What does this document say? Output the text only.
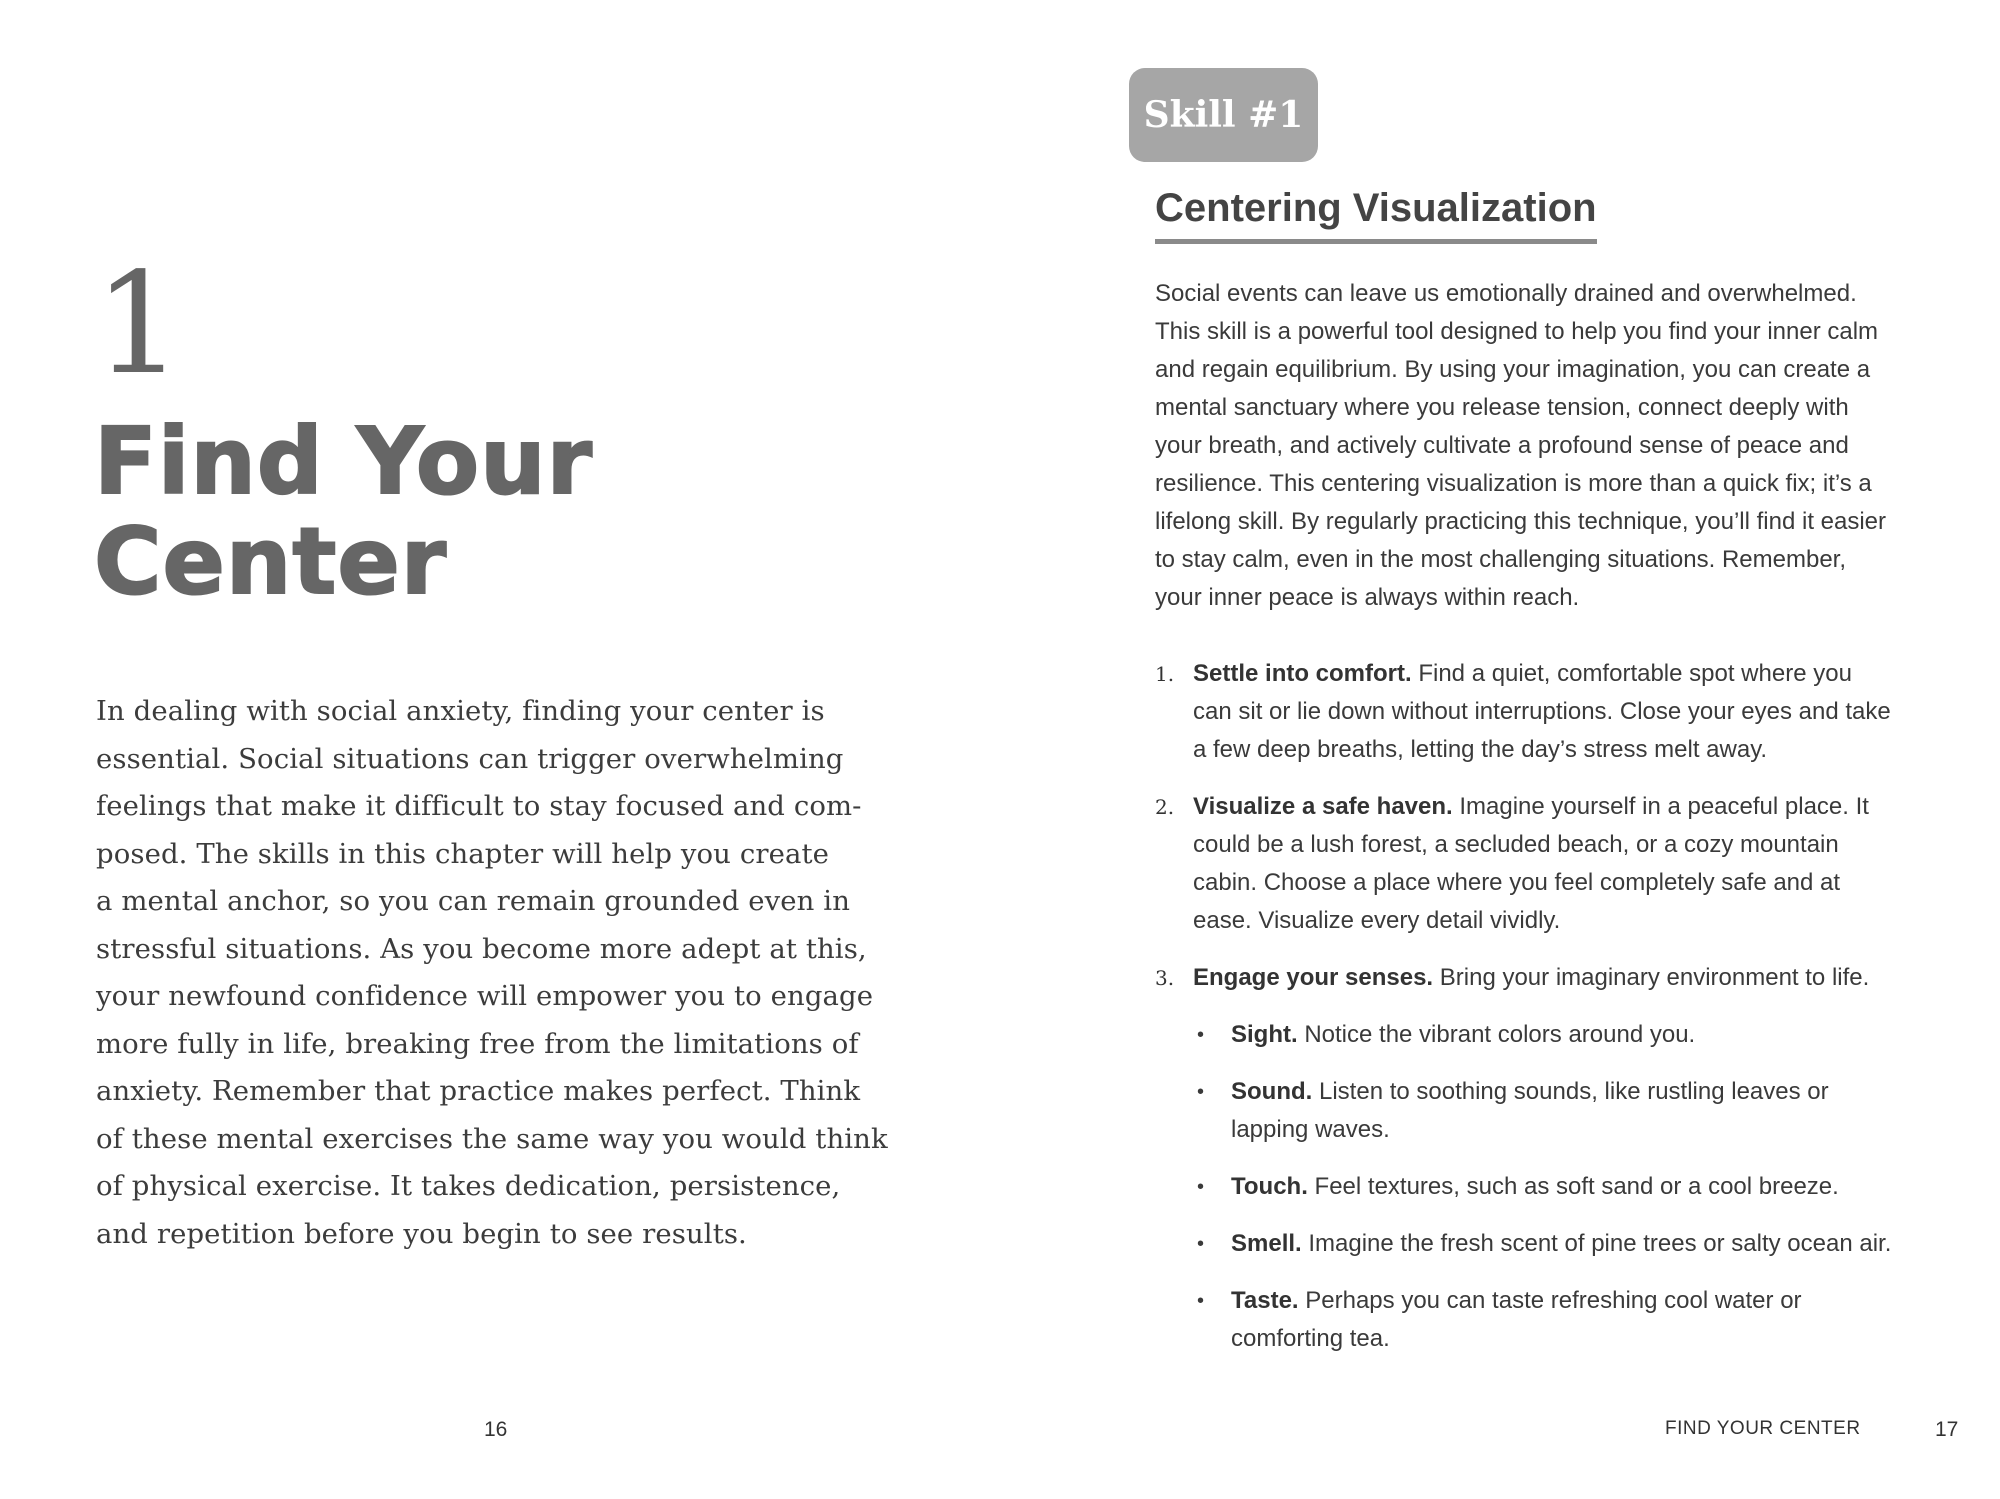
1
Find Your
Center
In dealing with social anxiety, finding your center is
essential. Social situations can trigger overwhelming
feelings that make it difficult to stay focused and com-
posed. The skills in this chapter will help you create
a mental anchor, so you can remain grounded even in
stressful situations. As you become more adept at this,
your newfound confidence will empower you to engage
more fully in life, breaking free from the limitations of
anxiety. Remember that practice makes perfect. Think
of these mental exercises the same way you would think
of physical exercise. It takes dedication, persistence,
and repetition before you begin to see results.
16
Skill #1
Centering Visualization
Social events can leave us emotionally drained and overwhelmed.
This skill is a powerful tool designed to help you find your inner calm
and regain equilibrium. By using your imagination, you can create a
mental sanctuary where you release tension, connect deeply with
your breath, and actively cultivate a profound sense of peace and
resilience. This centering visualization is more than a quick fix; it’s a
lifelong skill. By regularly practicing this technique, you’ll find it easier
to stay calm, even in the most challenging situations. Remember,
your inner peace is always within reach.
1. Settle into comfort. Find a quiet, comfortable spot where you
can sit or lie down without interruptions. Close your eyes and take
a few deep breaths, letting the day’s stress melt away.
2. Visualize a safe haven. Imagine yourself in a peaceful place. It
could be a lush forest, a secluded beach, or a cozy mountain
cabin. Choose a place where you feel completely safe and at
ease. Visualize every detail vividly.
3. Engage your senses. Bring your imaginary environment to life.
• Sight. Notice the vibrant colors around you.
• Sound. Listen to soothing sounds, like rustling leaves or
lapping waves.
• Touch. Feel textures, such as soft sand or a cool breeze.
• Smell. Imagine the fresh scent of pine trees or salty ocean air.
• Taste. Perhaps you can taste refreshing cool water or
comforting tea.
FIND YOUR CENTER	17
